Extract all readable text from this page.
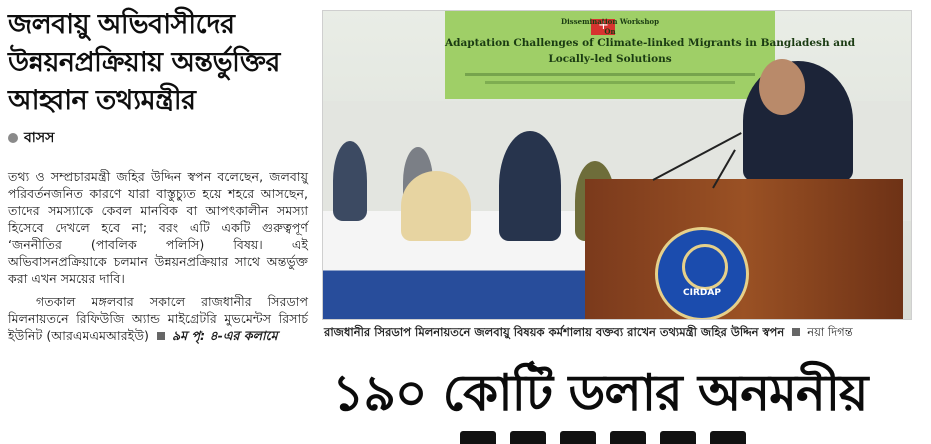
জলবায়ু অভিবাসীদের উন্নয়নপ্রক্রিয়ায় অন্তর্ভুক্তির আহ্বান তথ্যমন্ত্রীর
বাসস

তথ্য ও সম্প্রচারমন্ত্রী জহির উদ্দিন স্বপন বলেছেন, জলবায়ু পরিবর্তনজনিত কারণে যারা বাস্তুচ্যুত হয়ে শহরে আসছেন, তাদের সমস্যাকে কেবল মানবিক বা আপৎকালীন সমস্যা হিসেবে দেখলে হবে না; বরং এটি একটি গুরুত্বপূর্ণ ‘জননীতির (পাবলিক পলিসি) বিষয়। এই অভিবাসনপ্রক্রিয়াকে চলমান উন্নয়নপ্রক্রিয়ার সাথে অন্তর্ভুক্ত করা এখন সময়ের দাবি।

গতকাল মঙ্গলবার সকালে রাজধানীর সিরডাপ মিলনায়তনে রিফিউজি অ্যান্ড মাইগ্রেটরি মুভমেন্টস রিসার্চ ইউনিট (আরএমএমআরইউ) ৯ম পৃ: ৪-এর কলামে

+
Dissemination Workshop
On
Adaptation Challenges of Climate-linked Migrants in Bangladesh and
Locally-led Solutions
CIRDAP
রাজধানীর সিরডাপ মিলনায়তনে জলবায়ু বিষয়ক কর্মশালায় বক্তব্য রাখেন তথ্যমন্ত্রী জহির উদ্দিন স্বপন নয়া দিগন্ত
১৯০ কোটি ডলার অনমনীয়
